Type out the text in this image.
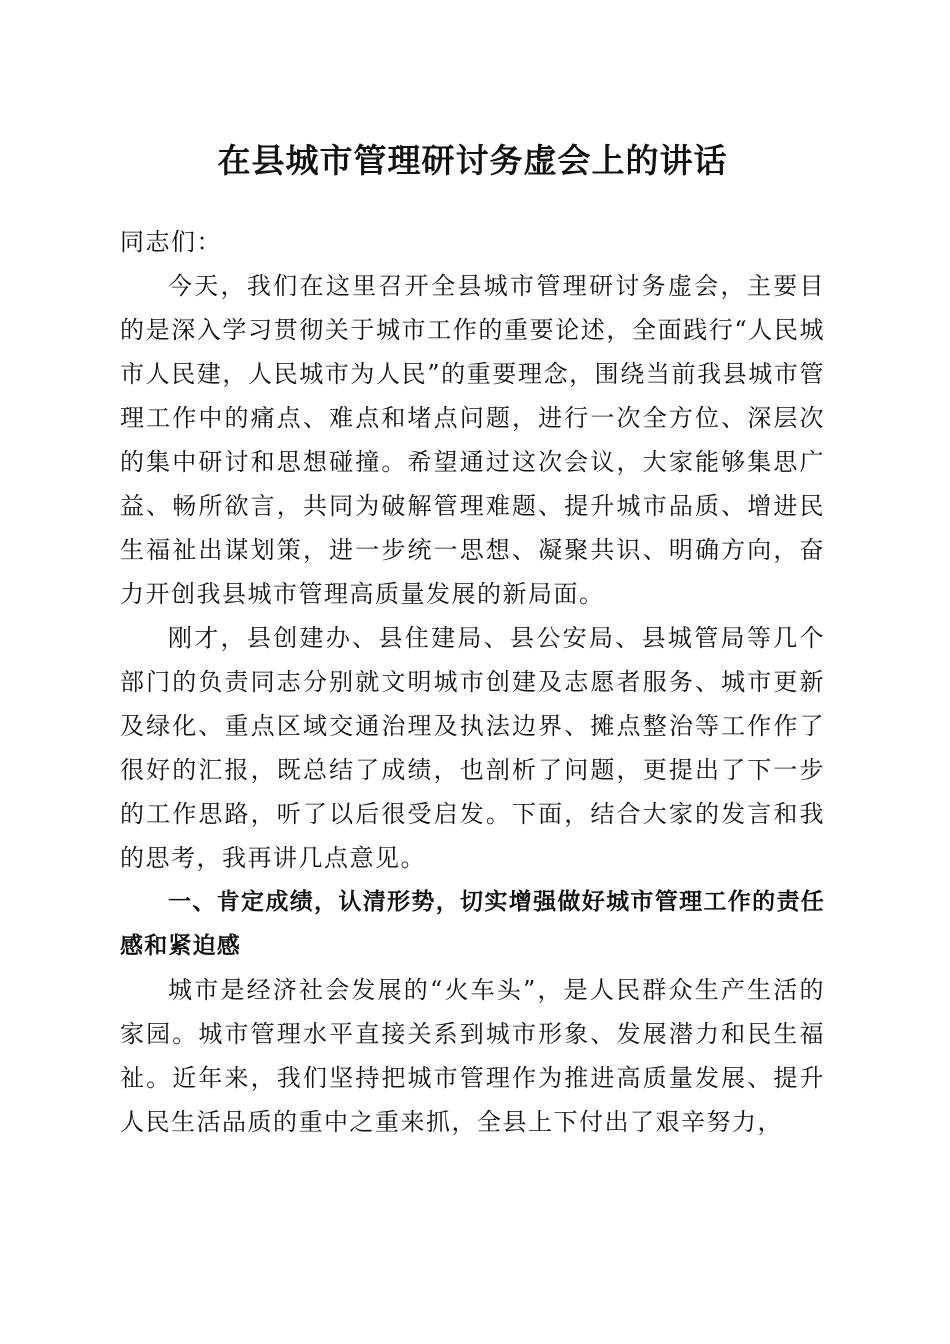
在县城市管理研讨务虚会上的讲话

同志们：

今天，我们在这里召开全县城市管理研讨务虚会，主要目的是深入学习贯彻关于城市工作的重要论述，全面践行“人民城市人民建，人民城市为人民”的重要理念，围绕当前我县城市管理工作中的痛点、难点和堵点问题，进行一次全方位、深层次的集中研讨和思想碰撞。希望通过这次会议，大家能够集思广益、畅所欲言，共同为破解管理难题、提升城市品质、增进民生福祉出谋划策，进一步统一思想、凝聚共识、明确方向，奋力开创我县城市管理高质量发展的新局面。

刚才，县创建办、县住建局、县公安局、县城管局等几个部门的负责同志分别就文明城市创建及志愿者服务、城市更新及绿化、重点区域交通治理及执法边界、摊点整治等工作作了很好的汇报，既总结了成绩，也剖析了问题，更提出了下一步的工作思路，听了以后很受启发。下面，结合大家的发言和我的思考，我再讲几点意见。

一、肯定成绩，认清形势，切实增强做好城市管理工作的责任感和紧迫感

城市是经济社会发展的“火车头”，是人民群众生产生活的家园。城市管理水平直接关系到城市形象、发展潜力和民生福祉。近年来，我们坚持把城市管理作为推进高质量发展、提升人民生活品质的重中之重来抓，全县上下付出了艰辛努力，
